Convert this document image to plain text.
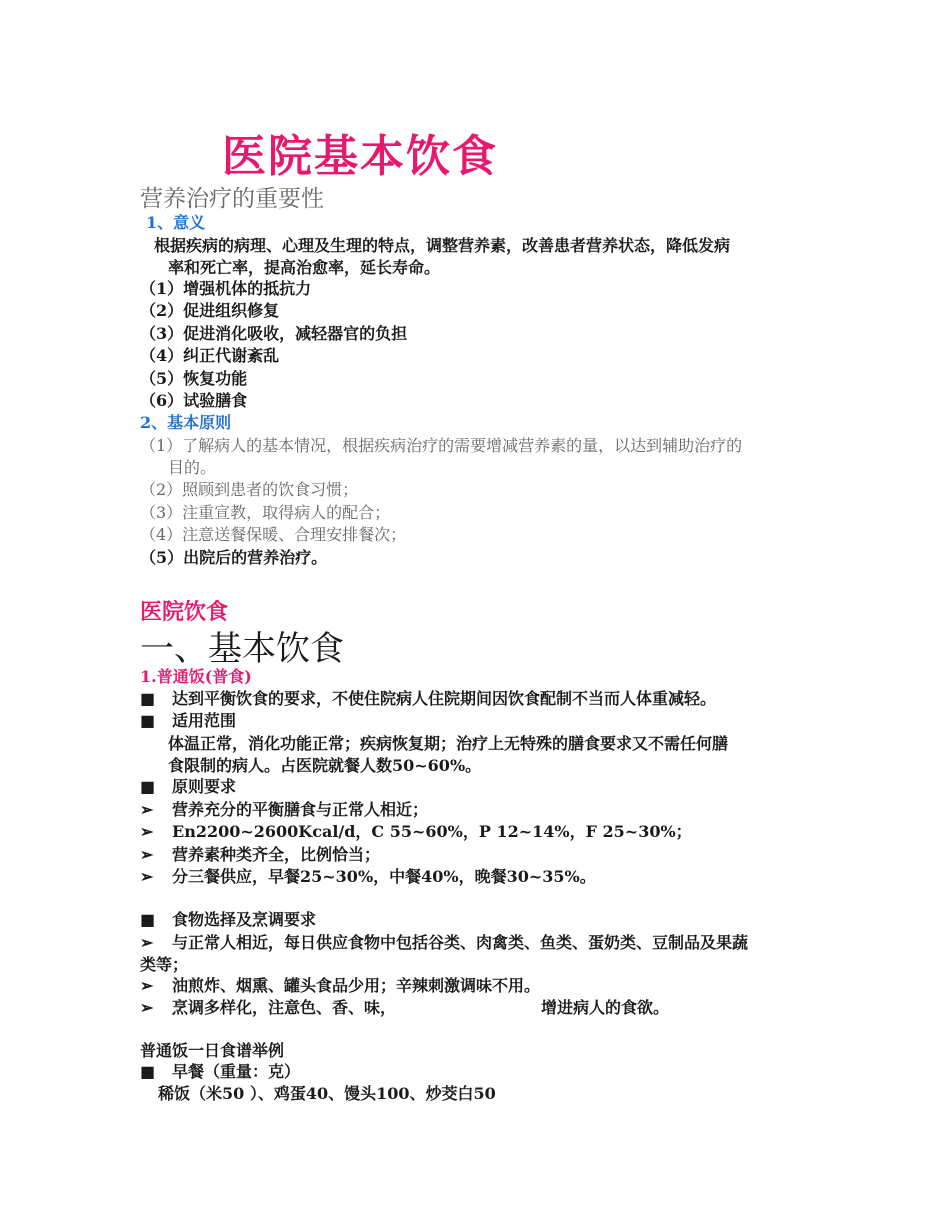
医院基本饮食
营养治疗的重要性
1、意义
根据疾病的病理、心理及生理的特点，调整营养素，改善患者营养状态，降低发病
率和死亡率，提高治愈率，延长寿命。
（1）增强机体的抵抗力
（2）促进组织修复
（3）促进消化吸收，减轻器官的负担
（4）纠正代谢紊乱
（5）恢复功能
（6）试验膳食
2、基本原则
（1）了解病人的基本情况，根据疾病治疗的需要增减营养素的量，以达到辅助治疗的
目的。
（2）照顾到患者的饮食习惯；
（3）注重宣教，取得病人的配合；
（4）注意送餐保暖、合理安排餐次；
（5）出院后的营养治疗。
医院饮食
一、基本饮食
1.普通饭(普食)
■ 达到平衡饮食的要求，不使住院病人住院期间因饮食配制不当而人体重减轻。
■ 适用范围
体温正常，消化功能正常；疾病恢复期；治疗上无特殊的膳食要求又不需任何膳
食限制的病人。占医院就餐人数50~60%。
■ 原则要求
➢ 营养充分的平衡膳食与正常人相近；
➢ En2200~2600Kcal/d，C 55~60%，P 12~14%，F 25~30%；
➢ 营养素种类齐全，比例恰当；
➢ 分三餐供应，早餐25~30%，中餐40%，晚餐30~35%。
■ 食物选择及烹调要求
➢ 与正常人相近，每日供应食物中包括谷类、肉禽类、鱼类、蛋奶类、豆制品及果蔬
类等；
➢ 油煎炸、烟熏、罐头食品少用；辛辣刺激调味不用。
➢ 烹调多样化，注意色、香、味，	增进病人的食欲。
普通饭一日食谱举例
■ 早餐（重量：克）
稀饭（米50 ）、鸡蛋40、馒头100、炒茭白50
